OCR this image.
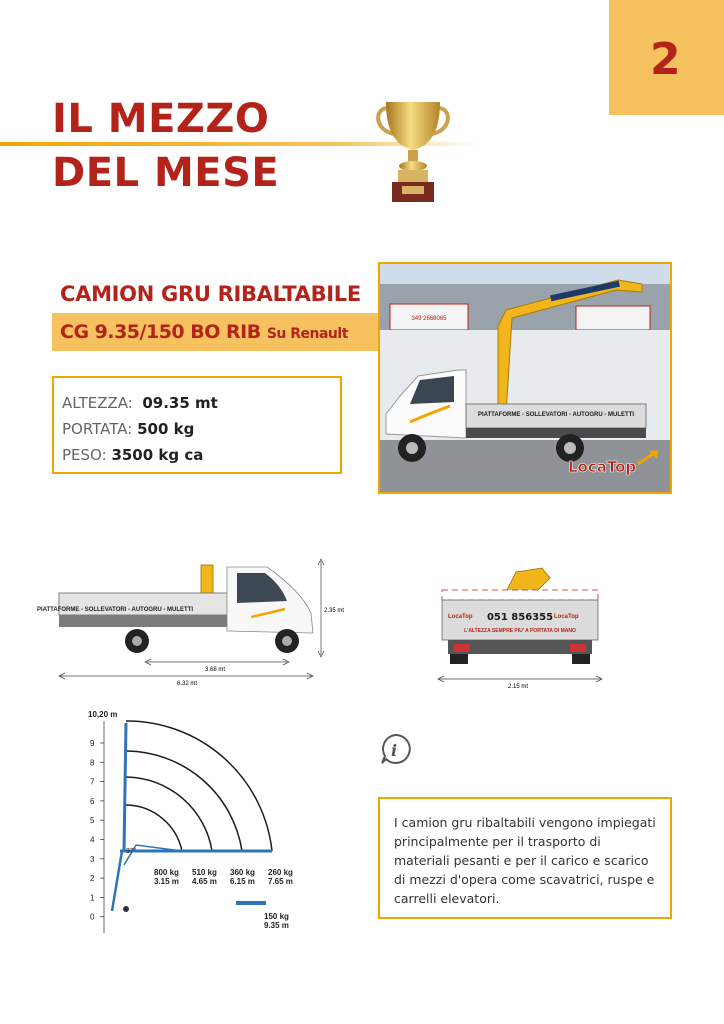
2
IL MEZZO
DEL MESE
CAMION GRU RIBALTABILE
CG 9.35/150 BO RIB Su Renault
ALTEZZA: 09.35 mt
PORTATA: 500 kg
PESO: 3500 kg ca
349 2668065
PIATTAFORME - SOLLEVATORI - AUTOGRU - MULETTI
LocaTop
PIATTAFORME - SOLLEVATORI - AUTOGRU - MULETTI	2.35 mt
3.68 mt
6.32 mt
LocaTop	LocaTop
051 856355
L'ALTEZZA SEMPRE PIU' A PORTATA DI MANO
2.15 mt
10,20 m
9
8
7
6
5
4
3
2
1
0
37°
800 kg
3.15 m
510 kg
4.65 m
360 kg
6.15 m
260 kg
7.65 m
150 kg
9.35 m
i
I camion gru ribaltabili vengono impiegati principalmente per il trasporto di materiali pesanti e per il carico e scarico di mezzi d'opera come scavatrici, ruspe e carrelli elevatori.
